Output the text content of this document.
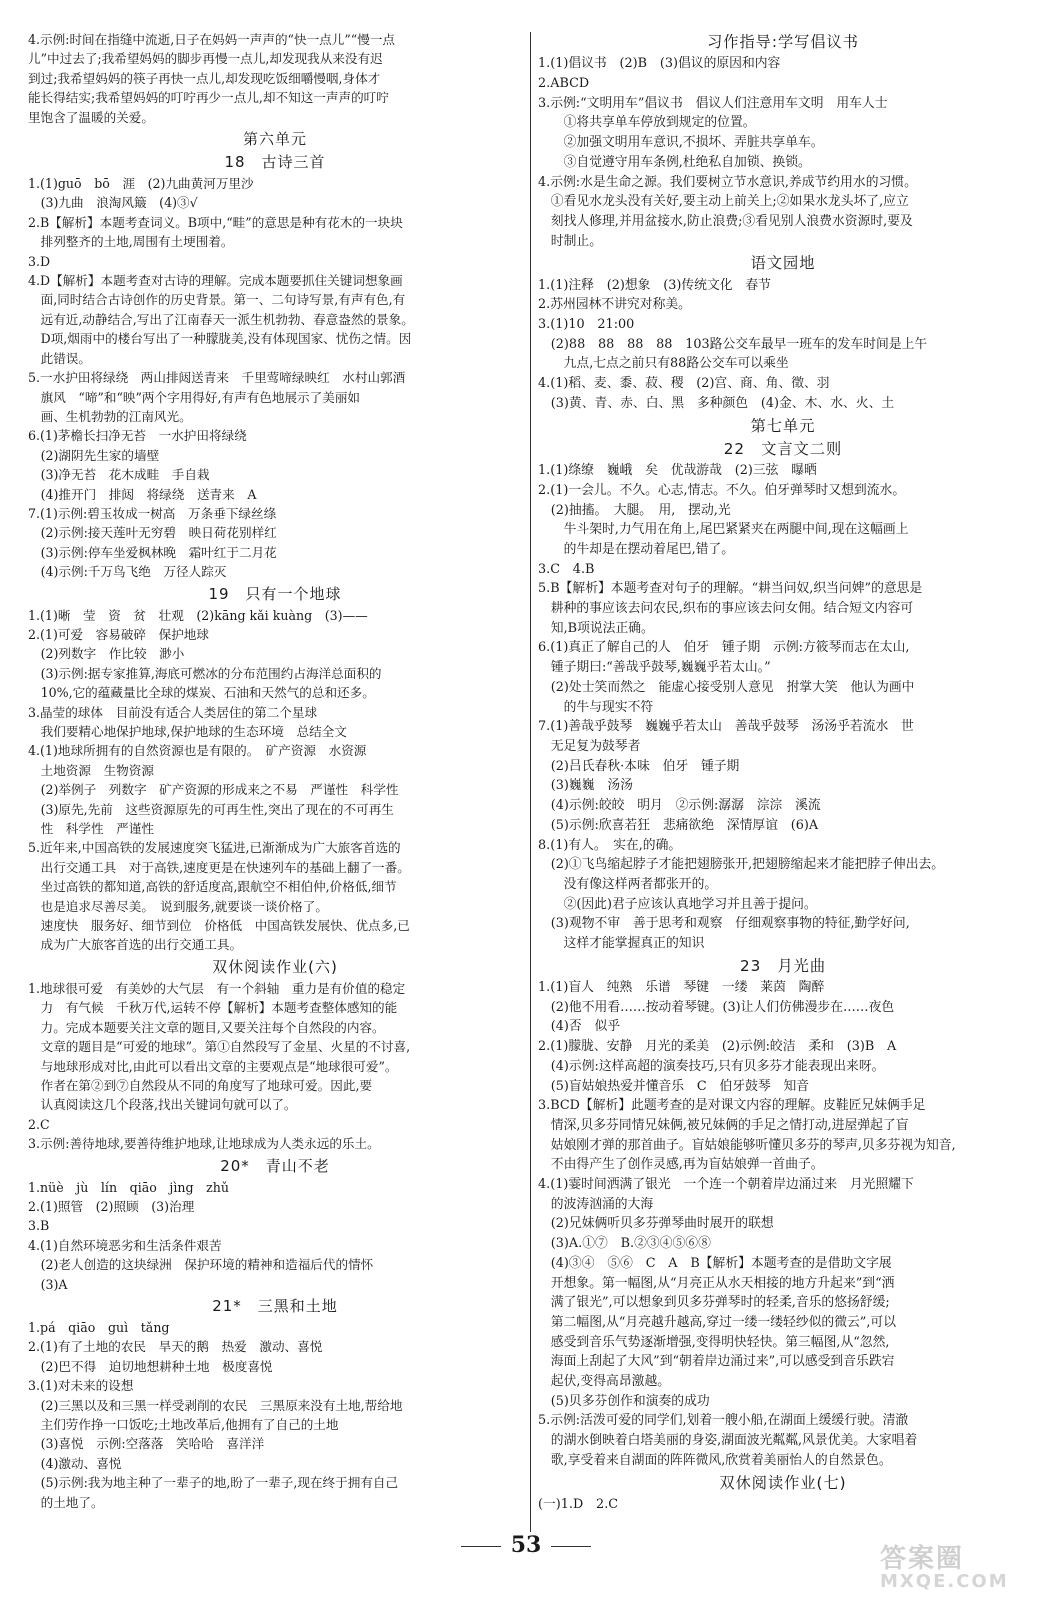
4.示例:时间在指缝中流逝,日子在妈妈一声声的“快一点儿”“慢一点
儿”中过去了;我希望妈妈的脚步再慢一点儿,却发现我从来没有迟
到过;我希望妈妈的筷子再快一点儿,却发现吃饭细嚼慢咽,身体才
能长得结实;我希望妈妈的叮咛再少一点儿,却不知这一声声的叮咛
里饱含了温暖的关爱。
第六单元
18　古诗三首
1.(1)guō　bō　涯　(2)九曲黄河万里沙
　(3)九曲　浪淘风簸　(4)③√
2.B【解析】本题考查词义。B项中,“畦”的意思是种有花木的一块块
　排列整齐的土地,周围有土埂围着。
3.D
4.D【解析】本题考查对古诗的理解。完成本题要抓住关键词想象画
　面,同时结合古诗创作的历史背景。第一、二句诗写景,有声有色,有
　远有近,动静结合,写出了江南春天一派生机勃勃、春意盎然的景象。
　D项,烟雨中的楼台写出了一种朦胧美,没有体现国家、忧伤之情。因
　此错误。
5.一水护田将绿绕　两山排闼送青来　千里莺啼绿映红　水村山郭酒
　旗风　“啼”和“映”两个字用得好,有声有色地展示了美丽如
　画、生机勃勃的江南风光。
6.(1)茅檐长扫净无苔　一水护田将绿绕
　(2)湖阴先生家的墙壁
　(3)净无苔　花木成畦　手自栽
　(4)推开门　排闼　将绿绕　送青来　A
7.(1)示例:碧玉妆成一树高　万条垂下绿丝绦
　(2)示例:接天莲叶无穷碧　映日荷花别样红
　(3)示例:停车坐爱枫林晚　霜叶红于二月花
　(4)示例:千万鸟飞绝　万径人踪灭
19　只有一个地球
1.(1)晰　莹　资　贫　壮观　(2)kāng kǎi kuàng　(3)——
2.(1)可爱　容易破碎　保护地球
　(2)列数字　作比较　渺小
　(3)示例:据专家推算,海底可燃冰的分布范围约占海洋总面积的
　10%,它的蕴藏量比全球的煤炭、石油和天然气的总和还多。
3.晶莹的球体　目前没有适合人类居住的第二个星球
　我们要精心地保护地球,保护地球的生态环境　总结全文
4.(1)地球所拥有的自然资源也是有限的。　矿产资源　水资源
　土地资源　生物资源
　(2)举例子　列数字　矿产资源的形成来之不易　严谨性　科学性
　(3)原先,先前　这些资源原先的可再生性,突出了现在的不可再生
　性　科学性　严谨性
5.近年来,中国高铁的发展速度突飞猛进,已渐渐成为广大旅客首选的
　出行交通工具　对于高铁,速度更是在快速列车的基础上翻了一番。
　坐过高铁的都知道,高铁的舒适度高,跟航空不相伯仲,价格低,细节
　也是追求尽善尽美。　说到服务,就要谈一谈价格了。
　速度快　服务好、细节到位　价格低　中国高铁发展快、优点多,已
　成为广大旅客首选的出行交通工具。
双休阅读作业(六)
1.地球很可爱　有美妙的大气层　有一个斜轴　重力是有价值的稳定
　力　有气候　千秋万代,运转不停【解析】本题考查整体感知的能
　力。完成本题要关注文章的题目,又要关注每个自然段的内容。
　文章的题目是“可爱的地球”。第①自然段写了金星、火星的不讨喜,
　与地球形成对比,由此可以看出文章的主要观点是“地球很可爱”。
　作者在第②到⑦自然段从不同的角度写了地球可爱。因此,要
　认真阅读这几个段落,找出关键词句就可以了。
2.C
3.示例:善待地球,要善待维护地球,让地球成为人类永远的乐土。
20*　青山不老
1.nüè　jù　lín　qiāo　jìng　zhǔ
2.(1)照管　(2)照顾　(3)治理
3.B
4.(1)自然环境恶劣和生活条件艰苦
　(2)老人创造的这块绿洲　保护环境的精神和造福后代的情怀
　(3)A
21*　三黑和土地
1.pá　qiāo　guì　tǎng
2.(1)有了土地的农民　旱天的鹅　热爱　激动、喜悦
　(2)巴不得　迫切地想耕种土地　极度喜悦
3.(1)对未来的设想
　(2)三黑以及和三黑一样受剥削的农民　三黑原来没有土地,帮给地
　主们劳作挣一口饭吃;土地改革后,他拥有了自己的土地
　(3)喜悦　示例:空落落　笑哈哈　喜洋洋
　(4)激动、喜悦
　(5)示例:我为地主种了一辈子的地,盼了一辈子,现在终于拥有自己
　的土地了。
习作指导:学写倡议书
1.(1)倡议书　(2)B　(3)倡议的原因和内容
2.ABCD
3.示例:“文明用车”倡议书　倡议人们注意用车文明　用车人士
　　①将共享单车停放到规定的位置。
　　②加强文明用车意识,不损坏、弄脏共享单车。
　　③自觉遵守用车条例,杜绝私自加锁、换锁。
4.示例:水是生命之源。我们要树立节水意识,养成节约用水的习惯。
　①看见水龙头没有关好,要主动上前关上;②如果水龙头坏了,应立
　刻找人修理,并用盆接水,防止浪费;③看见别人浪费水资源时,要及
　时制止。
语文园地
1.(1)注释　(2)想象　(3)传统文化　春节
2.苏州园林不讲究对称美。
3.(1)10　21:00
　(2)88　88　88　88　103路公交车最早一班车的发车时间是上午
　　九点,七点之前只有88路公交车可以乘坐
4.(1)稻、麦、黍、菽、稷　(2)宫、商、角、徵、羽
　(3)黄、青、赤、白、黑　多种颜色　(4)金、木、水、火、土
第七单元
22　文言文二则
1.(1)绦缭　巍峨　矣　优哉游哉　(2)三弦　曝晒
2.(1)一会儿。不久。心志,情志。不久。伯牙弹琴时又想到流水。
　(2)抽搐。　大腿。　用,　摆动,光
　　牛斗架时,力气用在角上,尾巴紧紧夹在两腿中间,现在这幅画上
　　的牛却是在摆动着尾巴,错了。
3.C　4.B
5.B【解析】本题考查对句子的理解。“耕当问奴,织当问婢”的意思是
　耕种的事应该去问农民,织布的事应该去问女佣。结合短文内容可
　知,B项说法正确。
6.(1)真正了解自己的人　伯牙　锺子期　示例:方筱琴而志在太山,
　锺子期曰:“善哉乎鼓琴,巍巍乎若太山。”
　(2)处士笑而然之　能虚心接受别人意见　拊掌大笑　他认为画中
　　的牛与现实不符
7.(1)善哉乎鼓琴　巍巍乎若太山　善哉乎鼓琴　汤汤乎若流水　世
　无足复为鼓琴者
　(2)吕氏春秋·本味　伯牙　锺子期
　(3)巍巍　汤汤
　(4)示例:皎皎　明月　②示例:潺潺　淙淙　溪流
　(5)示例:欣喜若狂　悲痛欲绝　深情厚谊　(6)A
8.(1)有人。　实在,的确。
　(2)①飞鸟缩起脖子才能把翅膀张开,把翅膀缩起来才能把脖子伸出去。
　　没有像这样两者都张开的。
　　②(因此)君子应该认真地学习并且善于提问。
　(3)观物不审　善于思考和观察　仔细观察事物的特征,勤学好问,
　　这样才能掌握真正的知识
23　月光曲
1.(1)盲人　纯熟　乐谱　琴键　一缕　莱茵　陶醉
　(2)他不用看……按动着琴键。(3)让人们仿佛漫步在……夜色
　(4)否　似乎
2.(1)朦胧、安静　月光的柔美　(2)示例:皎洁　柔和　(3)B　A
　(4)示例:这样高超的演奏技巧,只有贝多芬才能表现出来呀。
　(5)盲姑娘热爱并懂音乐　C　伯牙鼓琴　知音
3.BCD【解析】此题考查的是对课文内容的理解。皮鞋匠兄妹俩手足
　情深,贝多芬同情兄妹俩,被兄妹俩的手足之情打动,进屋弹起了盲
　姑娘刚才弹的那首曲子。盲姑娘能够听懂贝多芬的琴声,贝多芬视为知音,
　不由得产生了创作灵感,再为盲姑娘弹一首曲子。
4.(1)霎时间洒满了银光　一个连一个朝着岸边涌过来　月光照耀下
　的波涛汹涌的大海
　(2)兄妹俩听贝多芬弹琴曲时展开的联想
　(3)A.①⑦　B.②③④⑤⑥⑧
　(4)③④　⑤⑥　C　A　B【解析】本题考查的是借助文字展
　开想象。第一幅图,从“月亮正从水天相接的地方升起来”到“洒
　满了银光”,可以想象到贝多芬弹琴时的轻柔,音乐的悠扬舒缓;
　第二幅图,从“月亮越升越高,穿过一缕一缕轻纱似的微云”,可以
　感受到音乐气势逐渐增强,变得明快轻快。第三幅图,从“忽然,
　海面上刮起了大风”到“朝着岸边涌过来”,可以感受到音乐跌宕
　起伏,变得高昂激越。
　(5)贝多芬创作和演奏的成功
5.示例:活泼可爱的同学们,划着一艘小船,在湖面上缓缓行驶。清澈
　的湖水倒映着白塔美丽的身姿,湖面波光粼粼,风景优美。大家唱着
　歌,享受着来自湖面的阵阵微风,欣赏着美丽怡人的自然景色。
双休阅读作业(七)
(一)1.D　2.C
53	答案圈
MXQE.COM
